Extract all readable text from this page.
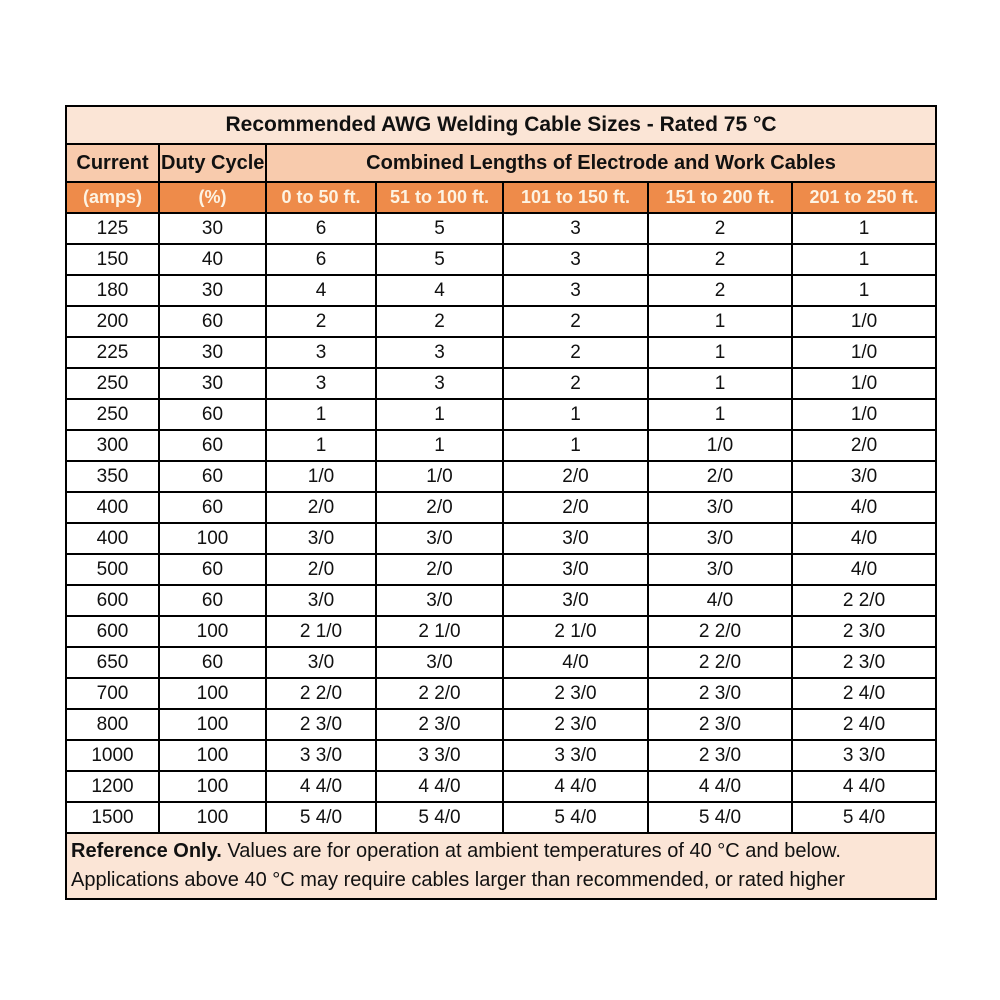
Recommended AWG Welding Cable Sizes - Rated 75 °C						
Current	Duty Cycle	Combined Lengths of Electrode and Work Cables				
(amps)	(%)	0 to 50 ft.	51 to 100 ft.	101 to 150 ft.	151 to 200 ft.	201 to 250 ft.
125	30	6	5	3	2	1
150	40	6	5	3	2	1
180	30	4	4	3	2	1
200	60	2	2	2	1	1/0
225	30	3	3	2	1	1/0
250	30	3	3	2	1	1/0
250	60	1	1	1	1	1/0
300	60	1	1	1	1/0	2/0
350	60	1/0	1/0	2/0	2/0	3/0
400	60	2/0	2/0	2/0	3/0	4/0
400	100	3/0	3/0	3/0	3/0	4/0
500	60	2/0	2/0	3/0	3/0	4/0
600	60	3/0	3/0	3/0	4/0	2 2/0
600	100	2 1/0	2 1/0	2 1/0	2 2/0	2 3/0
650	60	3/0	3/0	4/0	2 2/0	2 3/0
700	100	2 2/0	2 2/0	2 3/0	2 3/0	2 4/0
800	100	2 3/0	2 3/0	2 3/0	2 3/0	2 4/0
1000	100	3 3/0	3 3/0	3 3/0	2 3/0	3 3/0
1200	100	4 4/0	4 4/0	4 4/0	4 4/0	4 4/0
1500	100	5 4/0	5 4/0	5 4/0	5 4/0	5 4/0

Reference Only. Values are for operation at ambient temperatures of 40 °C and below.
Applications above 40 °C may require cables larger than recommended, or rated higher						
